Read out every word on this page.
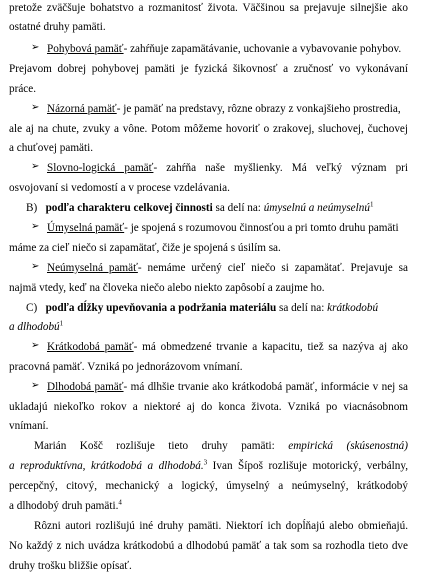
pretože zväčšuje bohatstvo a rozmanitosť života. Väčšinou sa prejavuje silnejšie ako
ostatné druhy pamäti.
➢ Pohybová pamäť- zahŕňuje zapamätávanie, uchovanie a vybavovanie pohybov.
Prejavom dobrej pohybovej pamäti je fyzická šikovnosť a zručnosť vo vykonávaní
práce.
➢ Názorná pamäť- je pamäť na predstavy, rôzne obrazy z vonkajšieho prostredia,
ale aj na chute, zvuky a vône. Potom môžeme hovoriť o zrakovej, sluchovej, čuchovej
a chuťovej pamäti.
➢ Slovno-logická pamäť- zahŕňa naše myšlienky. Má veľký význam pri
osvojovaní si vedomostí a v procese vzdelávania.
B) podľa charakteru celkovej činnosti sa delí na: úmyselnú a neúmyselnú$^1$
➢ Úmyselná pamäť- je spojená s rozumovou činnosťou a pri tomto druhu pamäti
máme za cieľ niečo si zapamätať, čiže je spojená s úsilím sa.
➢ Neúmyselná pamäť- nemáme určený cieľ niečo si zapamätať. Prejavuje sa
najmä vtedy, keď na človeka niečo alebo niekto zapôsobí a zaujme ho.
C) podľa dĺžky upevňovania a podržania materiálu sa delí na: krátkodobú
a dlhodobú$^1$
➢ Krátkodobá pamäť- má obmedzené trvanie a kapacitu, tiež sa nazýva aj ako
pracovná pamäť. Vzniká po jednorázovom vnímaní.
➢ Dlhodobá pamäť- má dlhšie trvanie ako krátkodobá pamäť, informácie v nej sa
ukladajú niekoľko rokov a niektoré aj do konca života. Vzniká po viacnásobnom
vnímaní.
Marián Košč rozlišuje tieto druhy pamäti: empirická (skúsenostná)
a reproduktívna, krátkodobá a dlhodobá.$^3$ Ivan Šípoš rozlišuje motorický, verbálny,
percepčný, citový, mechanický a logický, úmyselný a neúmyselný, krátkodobý
a dlhodobý druh pamäti.$^4$
Rôzni autori rozlišujú iné druhy pamäti. Niektorí ich dopĺňajú alebo obmieňajú.
No každý z nich uvádza krátkodobú a dlhodobú pamäť a tak som sa rozhodla tieto dve
druhy trošku bližšie opísať.
